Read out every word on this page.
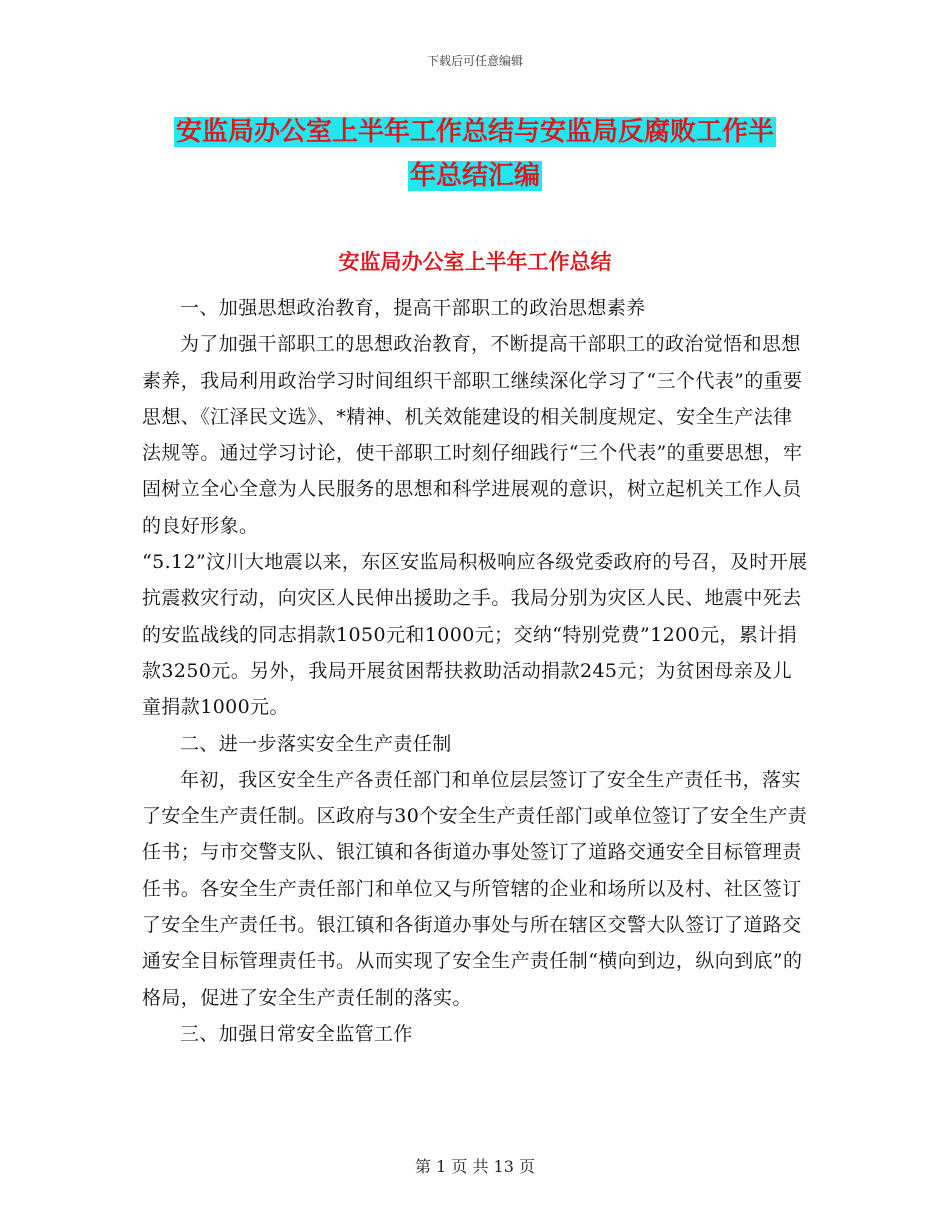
下载后可任意编辑
安监局办公室上半年工作总结与安监局反腐败工作半
年总结汇编
安监局办公室上半年工作总结

一、加强思想政治教育，提高干部职工的政治思想素养

为了加强干部职工的思想政治教育，不断提高干部职工的政治觉悟和思想素养，我局利用政治学习时间组织干部职工继续深化学习了“三个代表”的重要思想、《江泽民文选》、*精神、机关效能建设的相关制度规定、安全生产法律法规等。通过学习讨论，使干部职工时刻仔细践行“三个代表”的重要思想，牢固树立全心全意为人民服务的思想和科学进展观的意识，树立起机关工作人员的良好形象。

“5.12”汶川大地震以来，东区安监局积极响应各级党委政府的号召，及时开展抗震救灾行动，向灾区人民伸出援助之手。我局分别为灾区人民、地震中死去的安监战线的同志捐款1050元和1000元；交纳“特别党费”1200元，累计捐款3250元。另外，我局开展贫困帮扶救助活动捐款245元；为贫困母亲及儿童捐款1000元。

二、进一步落实安全生产责任制

年初，我区安全生产各责任部门和单位层层签订了安全生产责任书，落实了安全生产责任制。区政府与30个安全生产责任部门或单位签订了安全生产责任书；与市交警支队、银江镇和各街道办事处签订了道路交通安全目标管理责任书。各安全生产责任部门和单位又与所管辖的企业和场所以及村、社区签订了安全生产责任书。银江镇和各街道办事处与所在辖区交警大队签订了道路交通安全目标管理责任书。从而实现了安全生产责任制“横向到边，纵向到底”的格局，促进了安全生产责任制的落实。

三、加强日常安全监管工作

第 1 页 共 13 页
